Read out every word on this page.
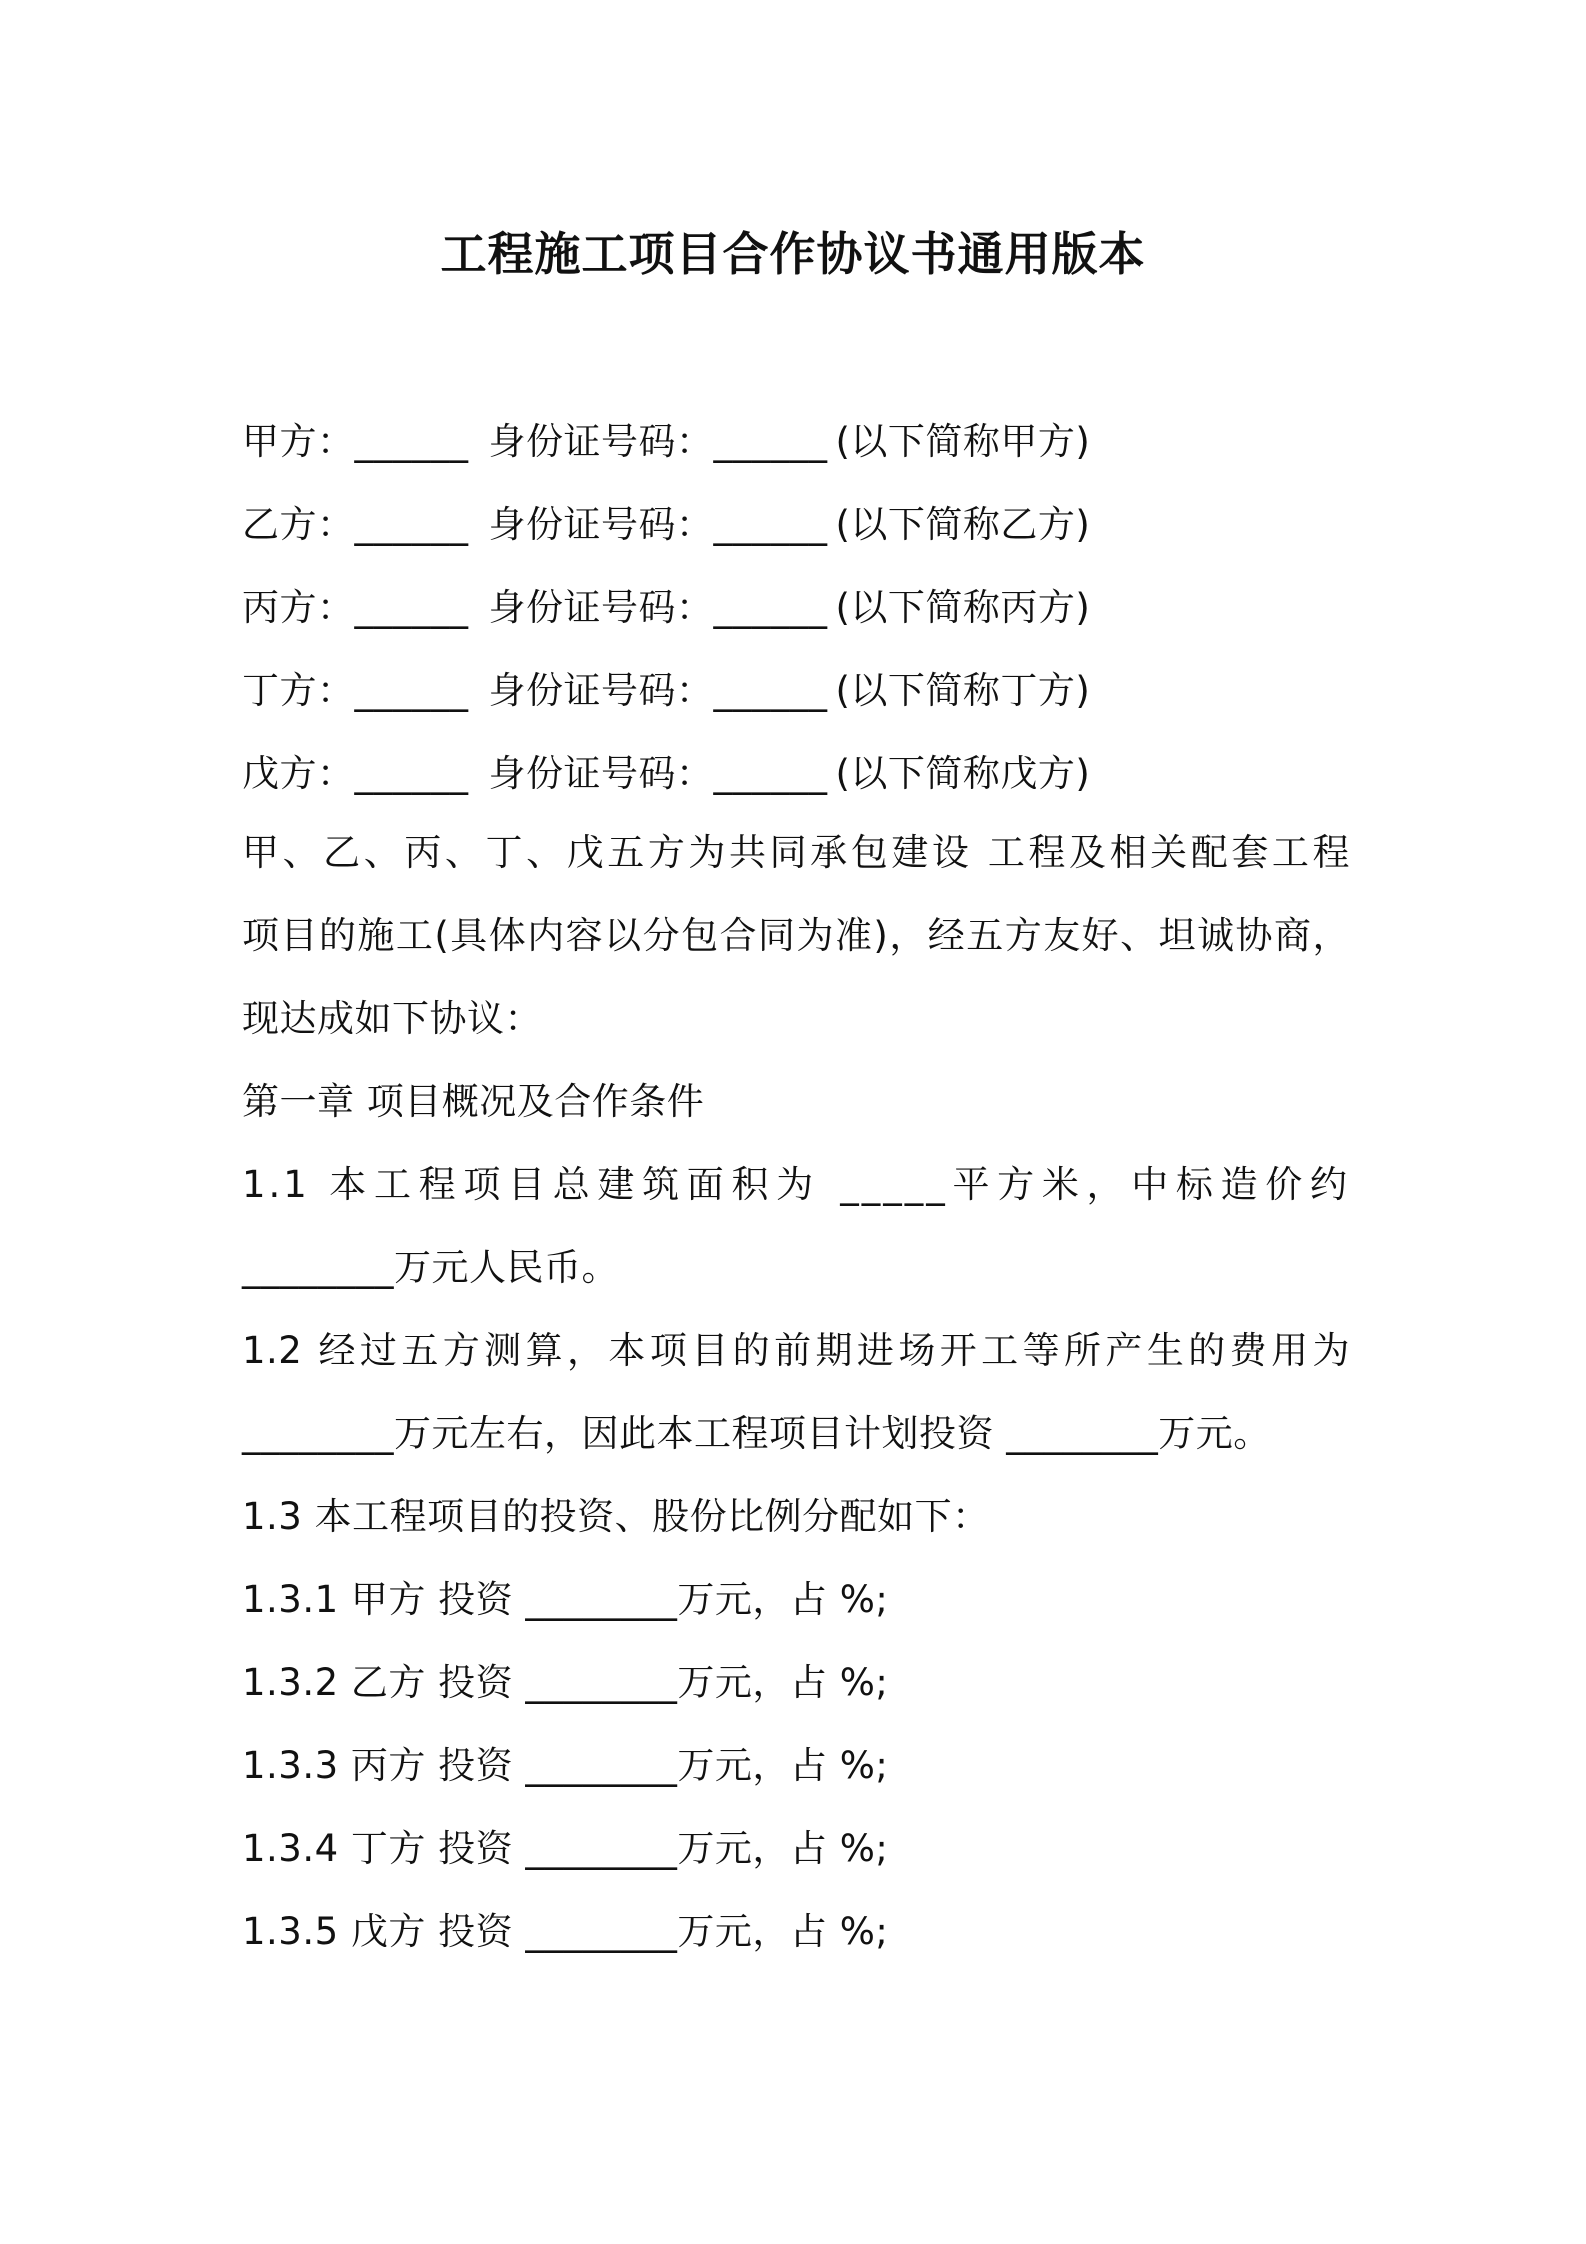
工程施工项目合作协议书通用版本
甲方：______ 身份证号码：______ (以下简称甲方)
乙方：______ 身份证号码：______ (以下简称乙方)
丙方：______ 身份证号码：______ (以下简称丙方)
丁方：______ 身份证号码：______ (以下简称丁方)
戊方：______ 身份证号码：______ (以下简称戊方)
甲、乙、丙、丁、戊五方为共同承包建设 工程及相关配套工程
项目的施工(具体内容以分包合同为准)，经五方友好、坦诚协商，
现达成如下协议：
第一章 项目概况及合作条件
1.1 本工程项目总建筑面积为 _____平方米，中标造价约
________万元人民币。
1.2 经过五方测算，本项目的前期进场开工等所产生的费用为
________万元左右，因此本工程项目计划投资 ________万元。
1.3 本工程项目的投资、股份比例分配如下：
1.3.1 甲方 投资 ________万元，占 %;
1.3.2 乙方 投资 ________万元，占 %;
1.3.3 丙方 投资 ________万元，占 %;
1.3.4 丁方 投资 ________万元，占 %;
1.3.5 戊方 投资 ________万元，占 %;
